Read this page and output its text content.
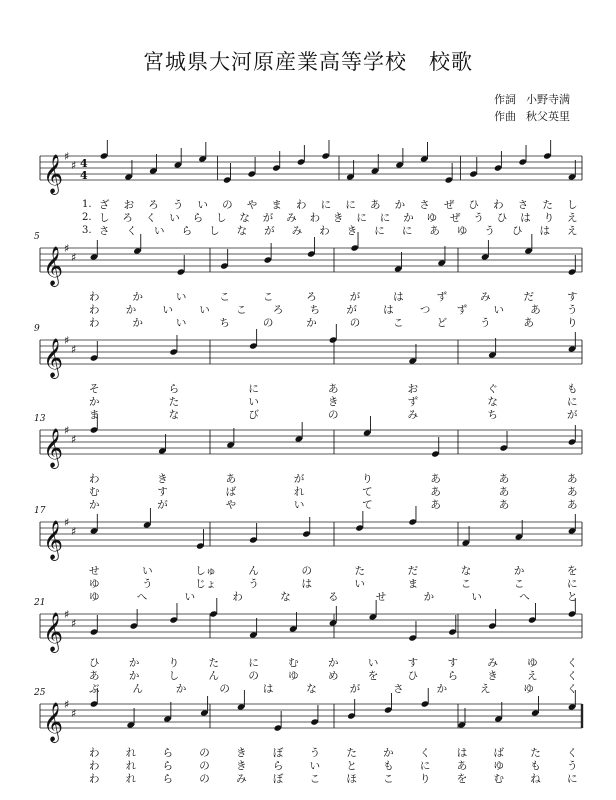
宮城県大河原産業高等学校　校歌
作詞 小野寺满
作曲 秋父英里
𝄞 ♯
♯ 4
4
1.
2.
3.
ざ お ろ う い の や ま わ に に あ か さ ぜ ひ わ さ た し
し ろ く い ら し な が み わ き に に か ゆ ぜ う ひ は り え
さ く い ら し な が み わ き に に あ ゆ う ひ は え
5
𝄞 ♯
♯
わ	か	い	こ	こ	ろ	が	は	ず	み	だ	す
わ	か	い	い	こ	ろ	ち	が	は	つ	ず	い	あ	う
わ	か	い	ち	の	か	の	こ	ど	う	あ	り
9
𝄞 ♯
♯
そ	ら	に	あ	お	ぐ	も
か	た	い	き	ず	な	に
ま	な	び	の	み	ち	が
13
𝄞 ♯
♯
わ	き	あ	が	り	あ	あ	あ
む	す	ば	れ	て	あ	あ	あ
か	が	や	い	て	あ	あ	あ
17
𝄞 ♯
♯
せ	い	しゅ	ん	の	た	だ	な	か	を
ゆ	う	じょ	う	は	い	ま	こ	こ	に
ゆ	へ	い	わ	な	る	せ	か	い	へ	と
21
𝄞 ♯
♯
ひ	か	り	た	に	む	か	い	す	す	み	ゆ	く
あ	か	し	ん	の	ゆ	め	を	ひ	ら	き	え	く
ぶ	ん	か	の	は	な	が	さ	か	え	ゆ	く
25
𝄞 ♯
♯
わ	れ	ら	の	き	ぼ	う	た	か	く	は	ば	た	く
わ	れ	ら	の	き	ら	い	と	も	に	あ	ゆ	も	う
わ	れ	ら	の	み	ぼ	こ	ほ	こ	り	を	む	ね	に
